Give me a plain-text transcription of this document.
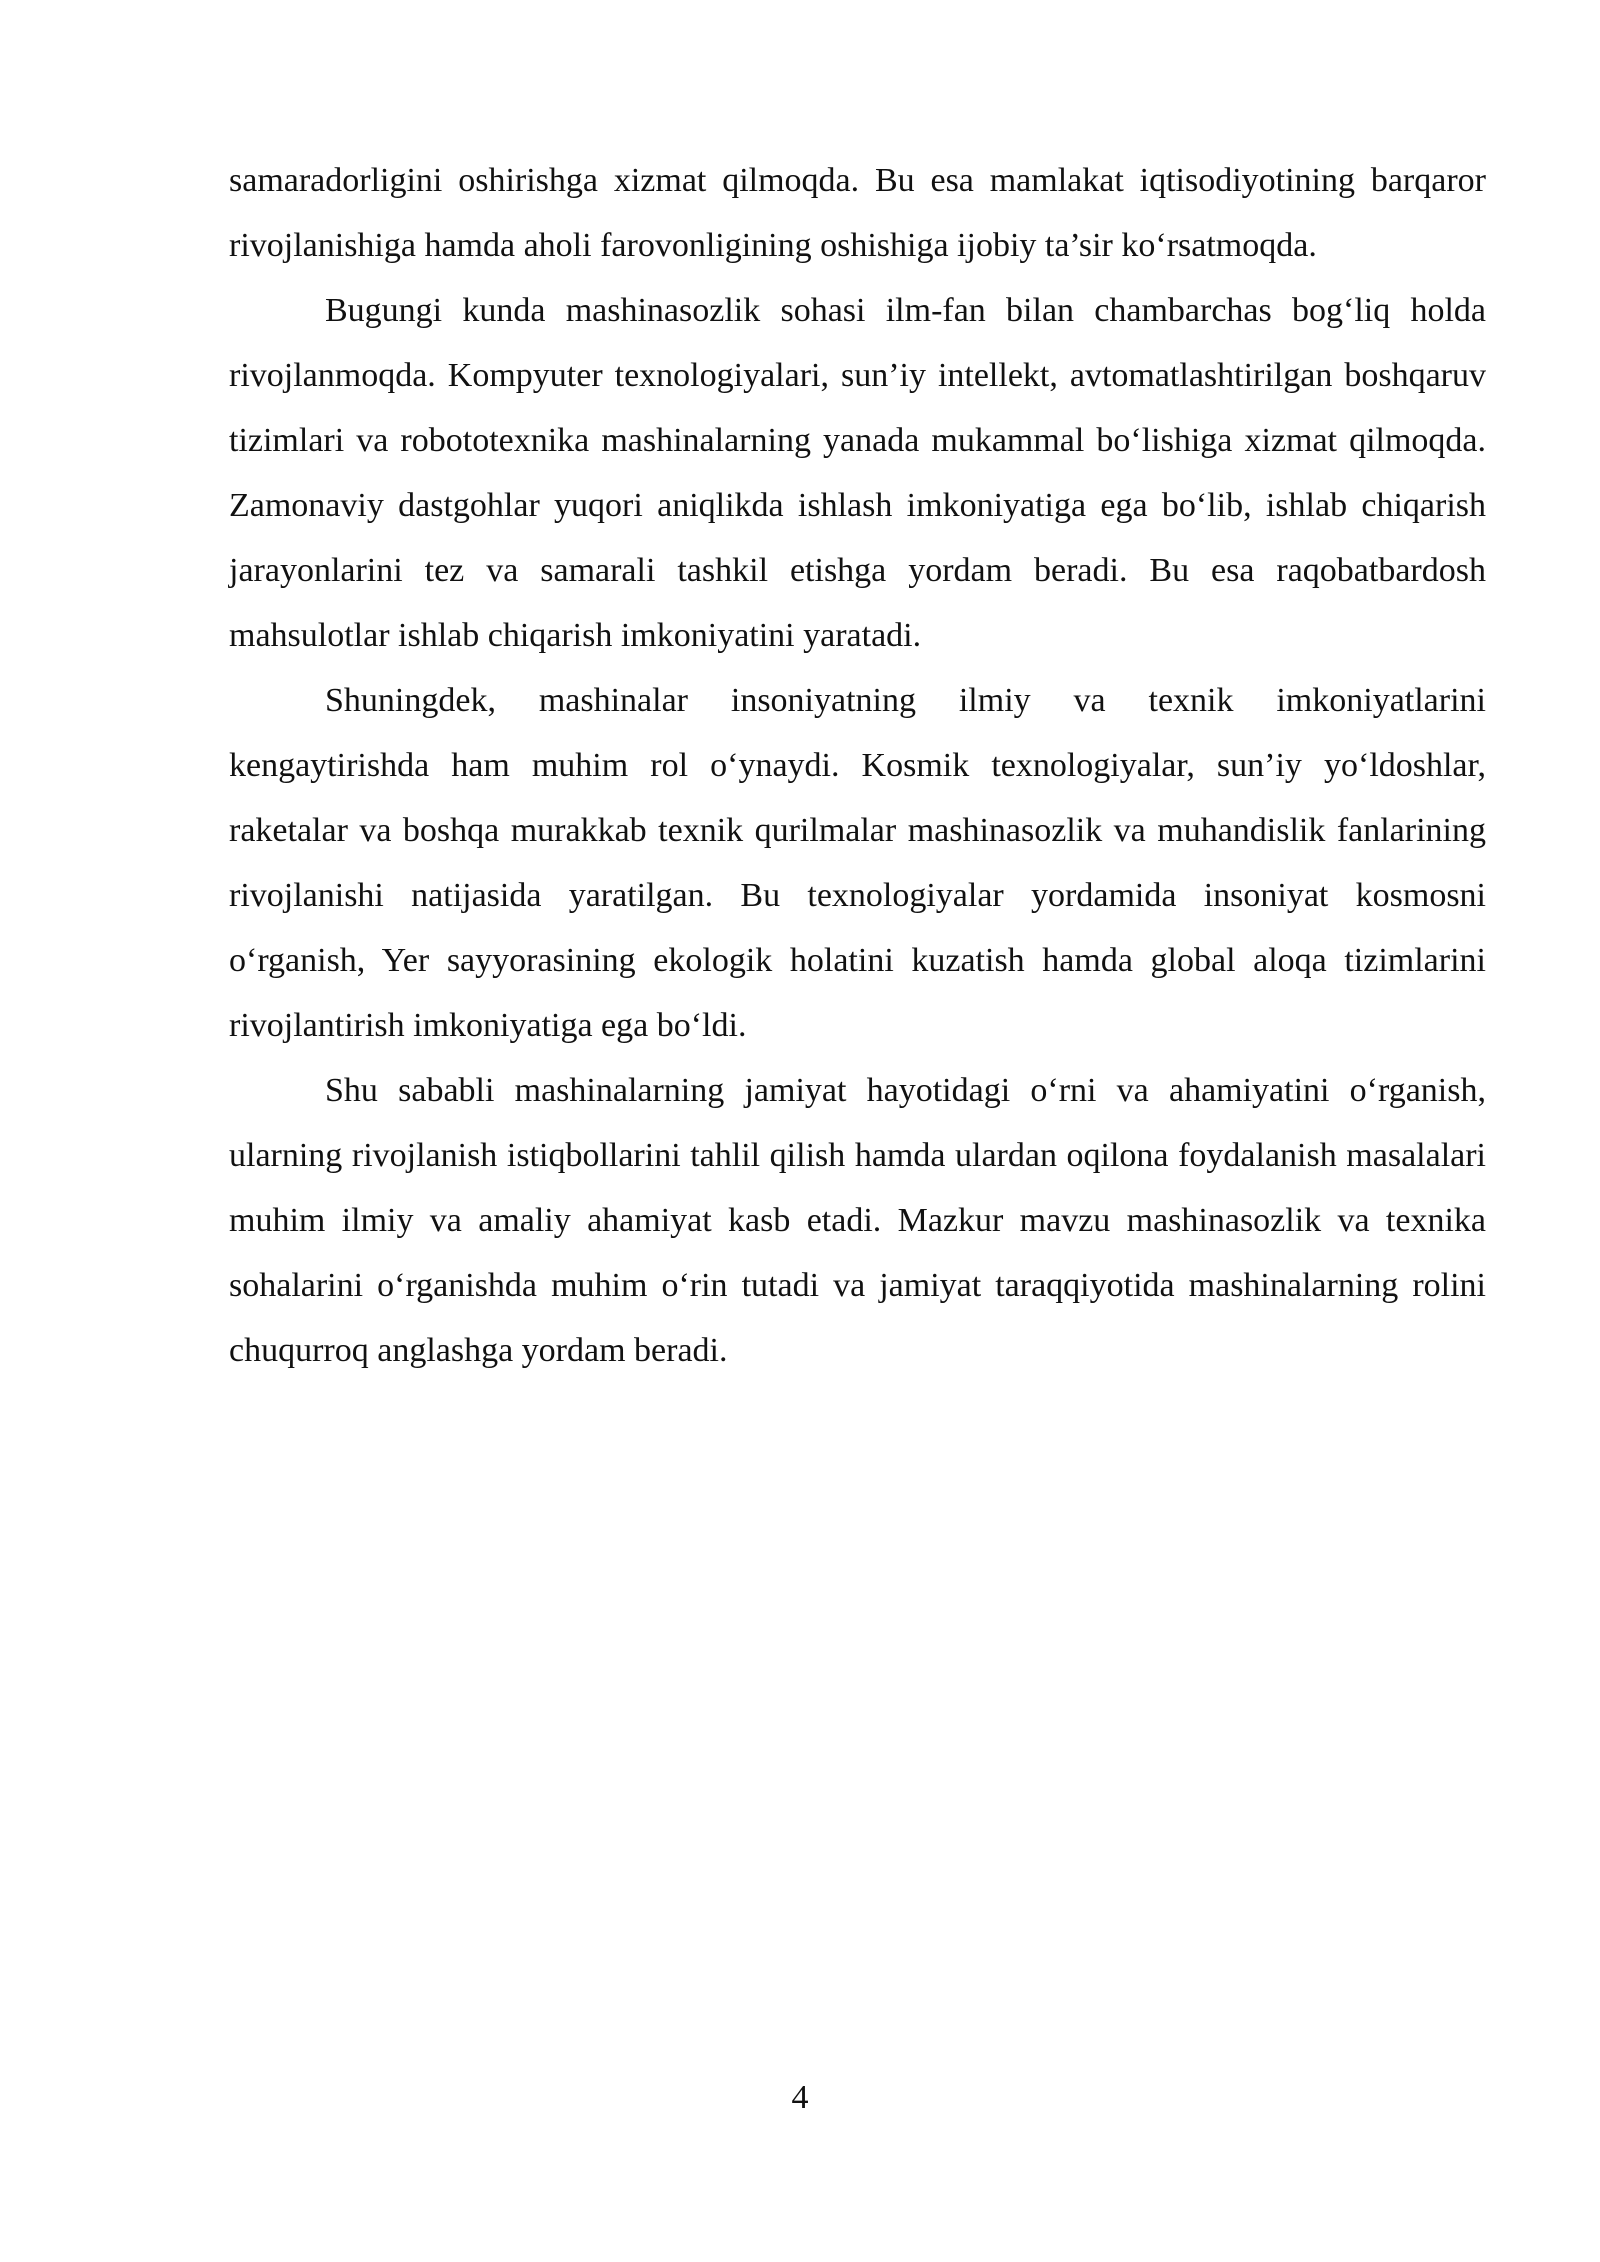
samaradorligini oshirishga xizmat qilmoqda. Bu esa mamlakat iqtisodiyotining barqaror rivojlanishiga hamda aholi farovonligining oshishiga ijobiy ta’sir ko‘rsatmoqda.

Bugungi kunda mashinasozlik sohasi ilm-fan bilan chambarchas bog‘liq holda rivojlanmoqda. Kompyuter texnologiyalari, sun’iy intellekt, avtomatlashtirilgan boshqaruv tizimlari va robototexnika mashinalarning yanada mukammal bo‘lishiga xizmat qilmoqda. Zamonaviy dastgohlar yuqori aniqlikda ishlash imkoniyatiga ega bo‘lib, ishlab chiqarish jarayonlarini tez va samarali tashkil etishga yordam beradi. Bu esa raqobatbardosh mahsulotlar ishlab chiqarish imkoniyatini yaratadi.

Shuningdek, mashinalar insoniyatning ilmiy va texnik imkoniyatlarini kengaytirishda ham muhim rol o‘ynaydi. Kosmik texnologiyalar, sun’iy yo‘ldoshlar, raketalar va boshqa murakkab texnik qurilmalar mashinasozlik va muhandislik fanlarining rivojlanishi natijasida yaratilgan. Bu texnologiyalar yordamida insoniyat kosmosni o‘rganish, Yer sayyorasining ekologik holatini kuzatish hamda global aloqa tizimlarini rivojlantirish imkoniyatiga ega bo‘ldi.

Shu sababli mashinalarning jamiyat hayotidagi o‘rni va ahamiyatini o‘rganish, ularning rivojlanish istiqbollarini tahlil qilish hamda ulardan oqilona foydalanish masalalari muhim ilmiy va amaliy ahamiyat kasb etadi. Mazkur mavzu mashinasozlik va texnika sohalarini o‘rganishda muhim o‘rin tutadi va jamiyat taraqqiyotida mashinalarning rolini chuqurroq anglashga yordam beradi.

4
